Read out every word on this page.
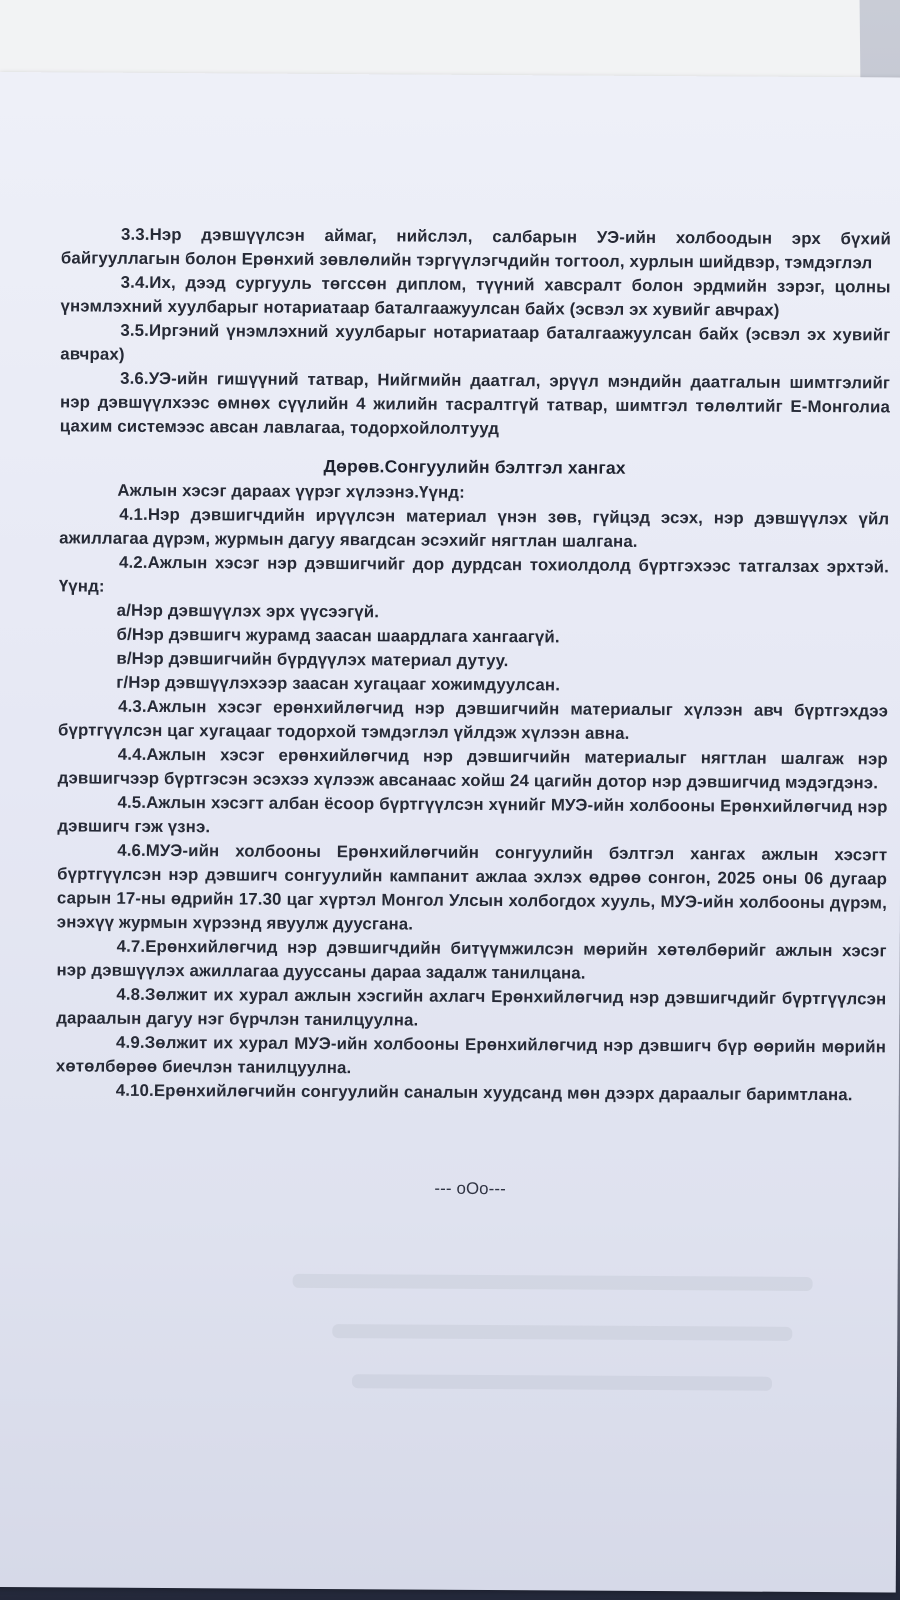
3.3.Нэр дэвшүүлсэн аймаг, нийслэл, салбарын УЭ-ийн холбоодын эрх бүхий байгууллагын болон Ерөнхий зөвлөлийн тэргүүлэгчдийн тогтоол, хурлын шийдвэр, тэмдэглэл

3.4.Их, дээд сургууль төгссөн диплом, түүний хавсралт болон эрдмийн зэрэг, цолны үнэмлэхний хуулбарыг нотариатаар баталгаажуулсан байх (эсвэл эх хувийг авчрах)

3.5.Иргэний үнэмлэхний хуулбарыг нотариатаар баталгаажуулсан байх (эсвэл эх хувийг авчрах)

3.6.УЭ-ийн гишүүний татвар, Нийгмийн даатгал, эрүүл мэндийн даатгалын шимтгэлийг нэр дэвшүүлхээс өмнөх сүүлийн 4 жилийн тасралтгүй татвар, шимтгэл төлөлтийг Е-Монголиа цахим системээс авсан лавлагаа, тодорхойлолтууд

Дөрөв.Сонгуулийн бэлтгэл хангах

Ажлын хэсэг дараах үүрэг хүлээнэ.Үүнд:

4.1.Нэр дэвшигчдийн ирүүлсэн материал үнэн зөв, гүйцэд эсэх, нэр дэвшүүлэх үйл ажиллагаа дүрэм, журмын дагуу явагдсан эсэхийг нягтлан шалгана.

4.2.Ажлын хэсэг нэр дэвшигчийг дор дурдсан тохиолдолд бүртгэхээс татгалзах эрхтэй. Үүнд:

а/Нэр дэвшүүлэх эрх үүсээгүй.

б/Нэр дэвшигч журамд заасан шаардлага хангаагүй.

в/Нэр дэвшигчийн бүрдүүлэх материал дутуу.

г/Нэр дэвшүүлэхээр заасан хугацааг хожимдуулсан.

4.3.Ажлын хэсэг ерөнхийлөгчид нэр дэвшигчийн материалыг хүлээн авч бүртгэхдээ бүртгүүлсэн цаг хугацааг тодорхой тэмдэглэл үйлдэж хүлээн авна.

4.4.Ажлын хэсэг ерөнхийлөгчид нэр дэвшигчийн материалыг нягтлан шалгаж нэр дэвшигчээр бүртгэсэн эсэхээ хүлээж авсанаас хойш 24 цагийн дотор нэр дэвшигчид мэдэгдэнэ.

4.5.Ажлын хэсэгт албан ёсоор бүртгүүлсэн хүнийг МУЭ-ийн холбооны Ерөнхийлөгчид нэр дэвшигч гэж үзнэ.

4.6.МУЭ-ийн холбооны Ерөнхийлөгчийн сонгуулийн бэлтгэл хангах ажлын хэсэгт бүртгүүлсэн нэр дэвшигч сонгуулийн кампанит ажлаа эхлэх өдрөө сонгон, 2025 оны 06 дугаар сарын 17-ны өдрийн 17.30 цаг хүртэл Монгол Улсын холбогдох хууль, МУЭ-ийн холбооны дүрэм, энэхүү журмын хүрээнд явуулж дуусгана.

4.7.Ерөнхийлөгчид нэр дэвшигчдийн битүүмжилсэн мөрийн хөтөлбөрийг ажлын хэсэг нэр дэвшүүлэх ажиллагаа дууссаны дараа задалж танилцана.

4.8.Зөлжит их хурал ажлын хэсгийн ахлагч Ерөнхийлөгчид нэр дэвшигчдийг бүртгүүлсэн дараалын дагуу нэг бүрчлэн танилцуулна.

4.9.Зөлжит их хурал МУЭ-ийн холбооны Ерөнхийлөгчид нэр дэвшигч бүр өөрийн мөрийн хөтөлбөрөө биечлэн танилцуулна.

4.10.Ерөнхийлөгчийн сонгуулийн саналын хуудсанд мөн дээрх дараалыг баримтлана.

--- oOo---
